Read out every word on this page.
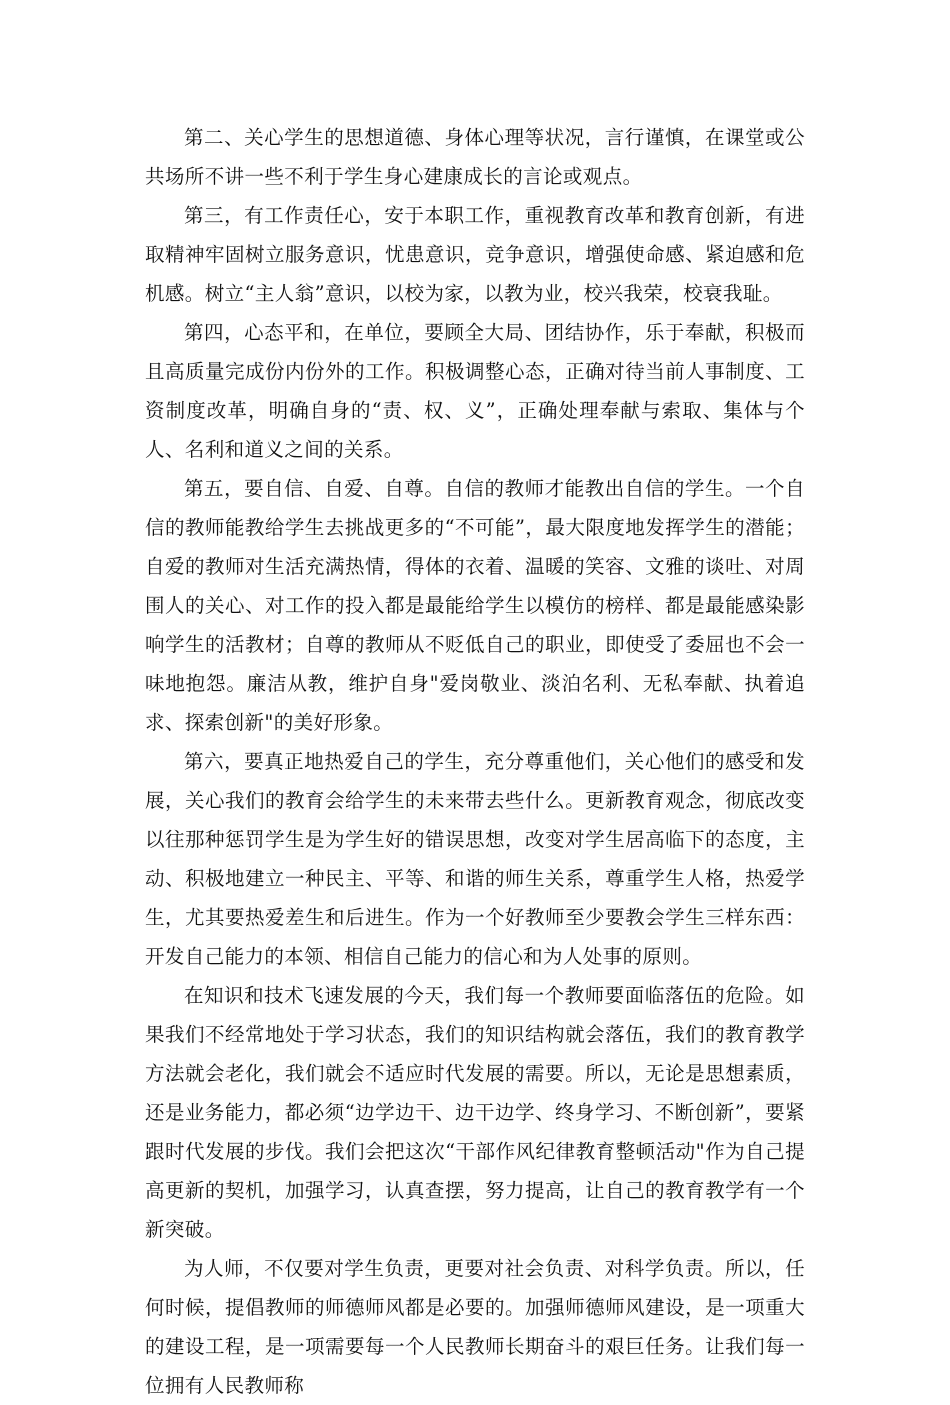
第二、关心学生的思想道德、身体心理等状况，言行谨慎，在课堂或公共场所不讲一些不利于学生身心建康成长的言论或观点。

第三，有工作责任心，安于本职工作，重视教育改革和教育创新，有进取精神牢固树立服务意识，忧患意识，竞争意识，增强使命感、紧迫感和危机感。树立“主人翁”意识，以校为家，以教为业，校兴我荣，校衰我耻。

第四，心态平和，在单位，要顾全大局、团结协作，乐于奉献，积极而且高质量完成份内份外的工作。积极调整心态，正确对待当前人事制度、工资制度改革，明确自身的“责、权、义”，正确处理奉献与索取、集体与个人、名利和道义之间的关系。

第五，要自信、自爱、自尊。自信的教师才能教出自信的学生。一个自信的教师能教给学生去挑战更多的“不可能”，最大限度地发挥学生的潜能；自爱的教师对生活充满热情，得体的衣着、温暖的笑容、文雅的谈吐、对周围人的关心、对工作的投入都是最能给学生以模仿的榜样、都是最能感染影响学生的活教材；自尊的教师从不贬低自己的职业，即使受了委屈也不会一味地抱怨。廉洁从教，维护自身"爱岗敬业、淡泊名利、无私奉献、执着追求、探索创新"的美好形象。

第六，要真正地热爱自己的学生，充分尊重他们，关心他们的感受和发展，关心我们的教育会给学生的未来带去些什么。更新教育观念，彻底改变以往那种惩罚学生是为学生好的错误思想，改变对学生居高临下的态度，主动、积极地建立一种民主、平等、和谐的师生关系，尊重学生人格，热爱学生，尤其要热爱差生和后进生。作为一个好教师至少要教会学生三样东西：开发自己能力的本领、相信自己能力的信心和为人处事的原则。

在知识和技术飞速发展的今天，我们每一个教师要面临落伍的危险。如果我们不经常地处于学习状态，我们的知识结构就会落伍，我们的教育教学方法就会老化，我们就会不适应时代发展的需要。所以，无论是思想素质，还是业务能力，都必须“边学边干、边干边学、终身学习、不断创新”，要紧跟时代发展的步伐。我们会把这次“干部作风纪律教育整顿活动"作为自己提高更新的契机，加强学习，认真查摆，努力提高，让自己的教育教学有一个新突破。

为人师，不仅要对学生负责，更要对社会负责、对科学负责。所以，任何时候，提倡教师的师德师风都是必要的。加强师德师风建设，是一项重大的建设工程，是一项需要每一个人民教师长期奋斗的艰巨任务。让我们每一位拥有人民教师称
